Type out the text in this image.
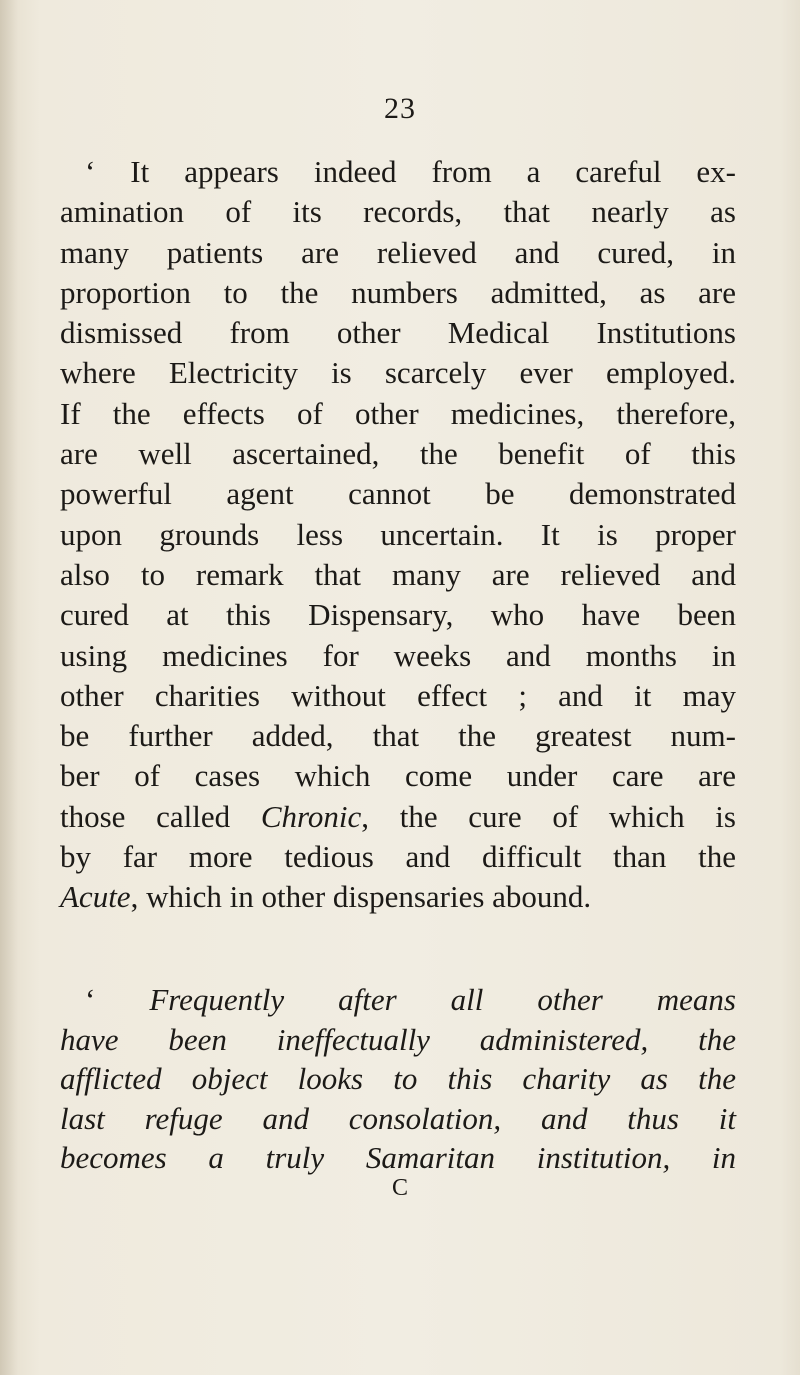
23
‘ It appears indeed from a careful ex-
amination of its records, that nearly as
many patients are relieved and cured, in
proportion to the numbers admitted, as are
dismissed from other Medical Institutions
where Electricity is scarcely ever employed.
If the effects of other medicines, therefore,
are well ascertained, the benefit of this
powerful agent cannot be demonstrated
upon grounds less uncertain. It is proper
also to remark that many are relieved and
cured at this Dispensary, who have been
using medicines for weeks and months in
other charities without effect ; and it may
be further added, that the greatest num-
ber of cases which come under care are
those called Chronic, the cure of which is
by far more tedious and difficult than the
Acute, which in other dispensaries abound.
‘ Frequently after all other means
have been ineffectually administered, the
afflicted object looks to this charity as the
last refuge and consolation, and thus it
becomes a truly Samaritan institution, in
C
